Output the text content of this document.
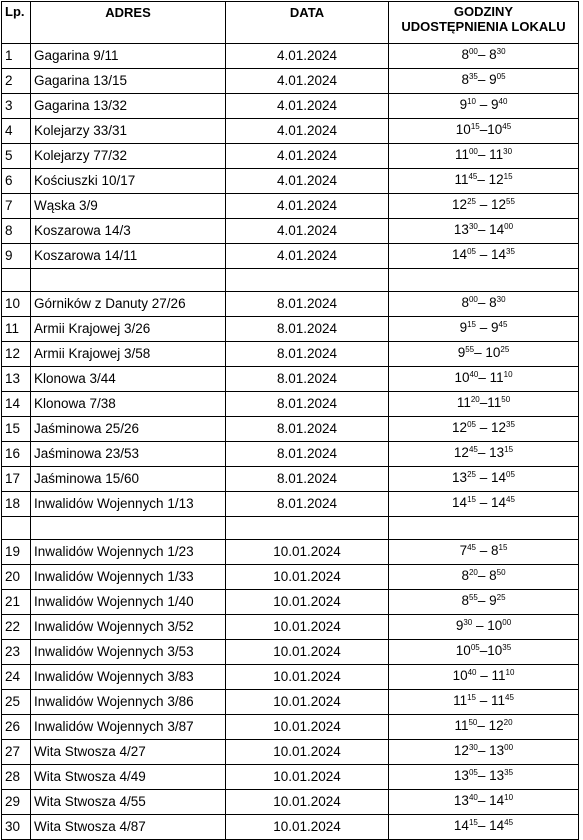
Lp.	ADRES	DATA	GODZINY
UDOSTĘPNIENIA LOKALU

1	Gagarina 9/11	4.01.2024	$8^{00}-$ $8^{30}$
2	Gagarina 13/15	4.01.2024	$8^{35}-$ $9^{05}$
3	Gagarina 13/32	4.01.2024	$9^{10} - 9^{40}$
4	Kolejarzy 33/31	4.01.2024	$10^{15}-10^{45}$
5	Kolejarzy 77/32	4.01.2024	$11^{00}-$ $11^{30}$
6	Kościuszki 10/17	4.01.2024	$11^{45}-$ $12^{15}$
7	Wąska 3/9	4.01.2024	$12^{25} - 12^{55}$
8	Koszarowa 14/3	4.01.2024	$13^{30}-$ $14^{00}$
9	Koszarowa 14/11	4.01.2024	$14^{05} - 14^{35}$

10	Górników z Danuty 27/26	8.01.2024	$8^{00}-$ $8^{30}$
11	Armii Krajowej 3/26	8.01.2024	$9^{15} - 9^{45}$
12	Armii Krajowej 3/58	8.01.2024	$9^{55}-$ $10^{25}$
13	Klonowa 3/44	8.01.2024	$10^{40}-$ $11^{10}$
14	Klonowa 7/38	8.01.2024	$11^{20}-11^{50}$
15	Jaśminowa 25/26	8.01.2024	$12^{05} - 12^{35}$
16	Jaśminowa 23/53	8.01.2024	$12^{45}-$ $13^{15}$
17	Jaśminowa 15/60	8.01.2024	$13^{25} - 14^{05}$
18	Inwalidów Wojennych 1/13	8.01.2024	$14^{15} - 14^{45}$

19	Inwalidów Wojennych 1/23	10.01.2024	$7^{45} - 8^{15}$
20	Inwalidów Wojennych 1/33	10.01.2024	$8^{20}-$ $8^{50}$
21	Inwalidów Wojennych 1/40	10.01.2024	$8^{55}-$ $9^{25}$
22	Inwalidów Wojennych 3/52	10.01.2024	$9^{30} - 10^{00}$
23	Inwalidów Wojennych 3/53	10.01.2024	$10^{05}-10^{35}$
24	Inwalidów Wojennych 3/83	10.01.2024	$10^{40} - 11^{10}$
25	Inwalidów Wojennych 3/86	10.01.2024	$11^{15} - 11^{45}$
26	Inwalidów Wojennych 3/87	10.01.2024	$11^{50}-$ $12^{20}$
27	Wita Stwosza 4/27	10.01.2024	$12^{30}-$ $13^{00}$
28	Wita Stwosza 4/49	10.01.2024	$13^{05}-$ $13^{35}$
29	Wita Stwosza 4/55	10.01.2024	$13^{40}-$ $14^{10}$
30	Wita Stwosza 4/87	10.01.2024	$14^{15}-$ $14^{45}$
